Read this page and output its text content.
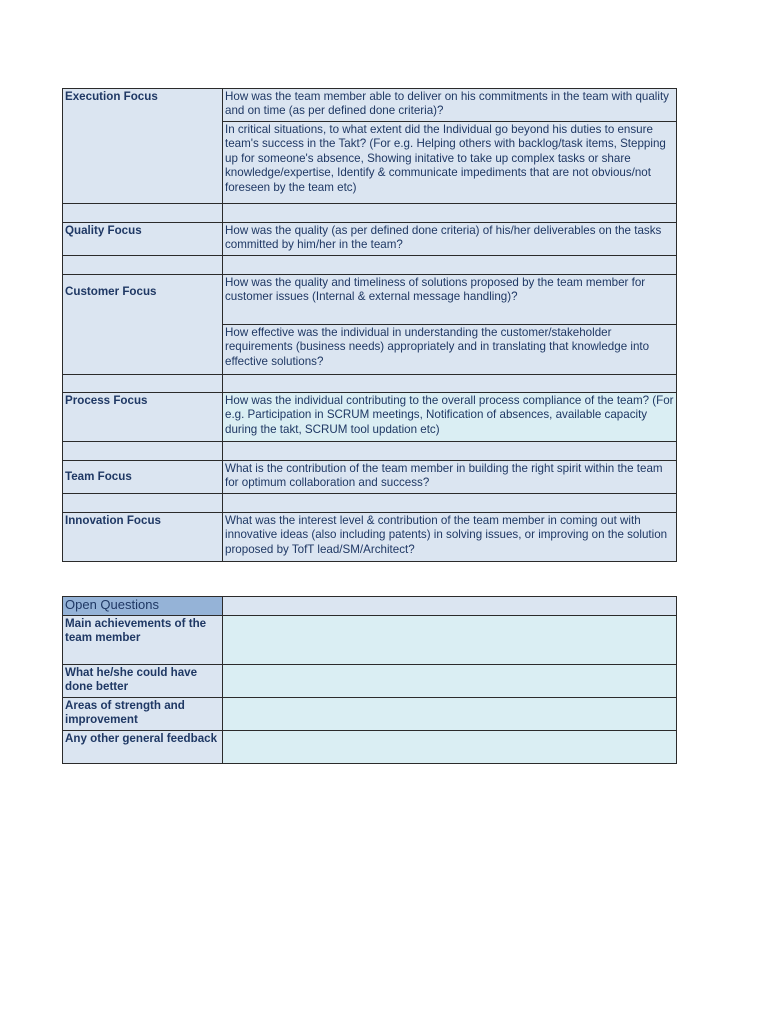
Execution Focus	How was the team member able to deliver on his commitments in the team with quality and on time (as per defined done criteria)?
	In critical situations, to what extent did the Individual go beyond his duties to ensure team's success in the Takt? (For e.g. Helping others with backlog/task items, Stepping up for someone's absence, Showing initative to take up complex tasks or share knowledge/expertise, Identify & communicate impediments that are not obvious/not foreseen by the team etc)

Quality Focus	How was the quality (as per defined done criteria) of his/her deliverables on the tasks committed by him/her in the team?

Customer Focus	How was the quality and timeliness of solutions proposed by the team member for customer issues (Internal & external message handling)?
	How effective was the individual in understanding the customer/stakeholder requirements (business needs) appropriately and in translating that knowledge into effective solutions?

Process Focus	How was the individual contributing to the overall process compliance of the team? (For e.g. Participation in SCRUM meetings, Notification of absences, available capacity during the takt, SCRUM tool updation etc)

Team Focus	What is the contribution of the team member in building the right spirit within the team for optimum collaboration and success?

Innovation Focus	What was the interest level & contribution of the team member in coming out with innovative ideas (also including patents) in solving issues, or improving on the solution proposed by TofT lead/SM/Architect?
Open Questions	
Main achievements of the team member	
What he/she could have done better	
Areas of strength and improvement	
Any other general feedback	
